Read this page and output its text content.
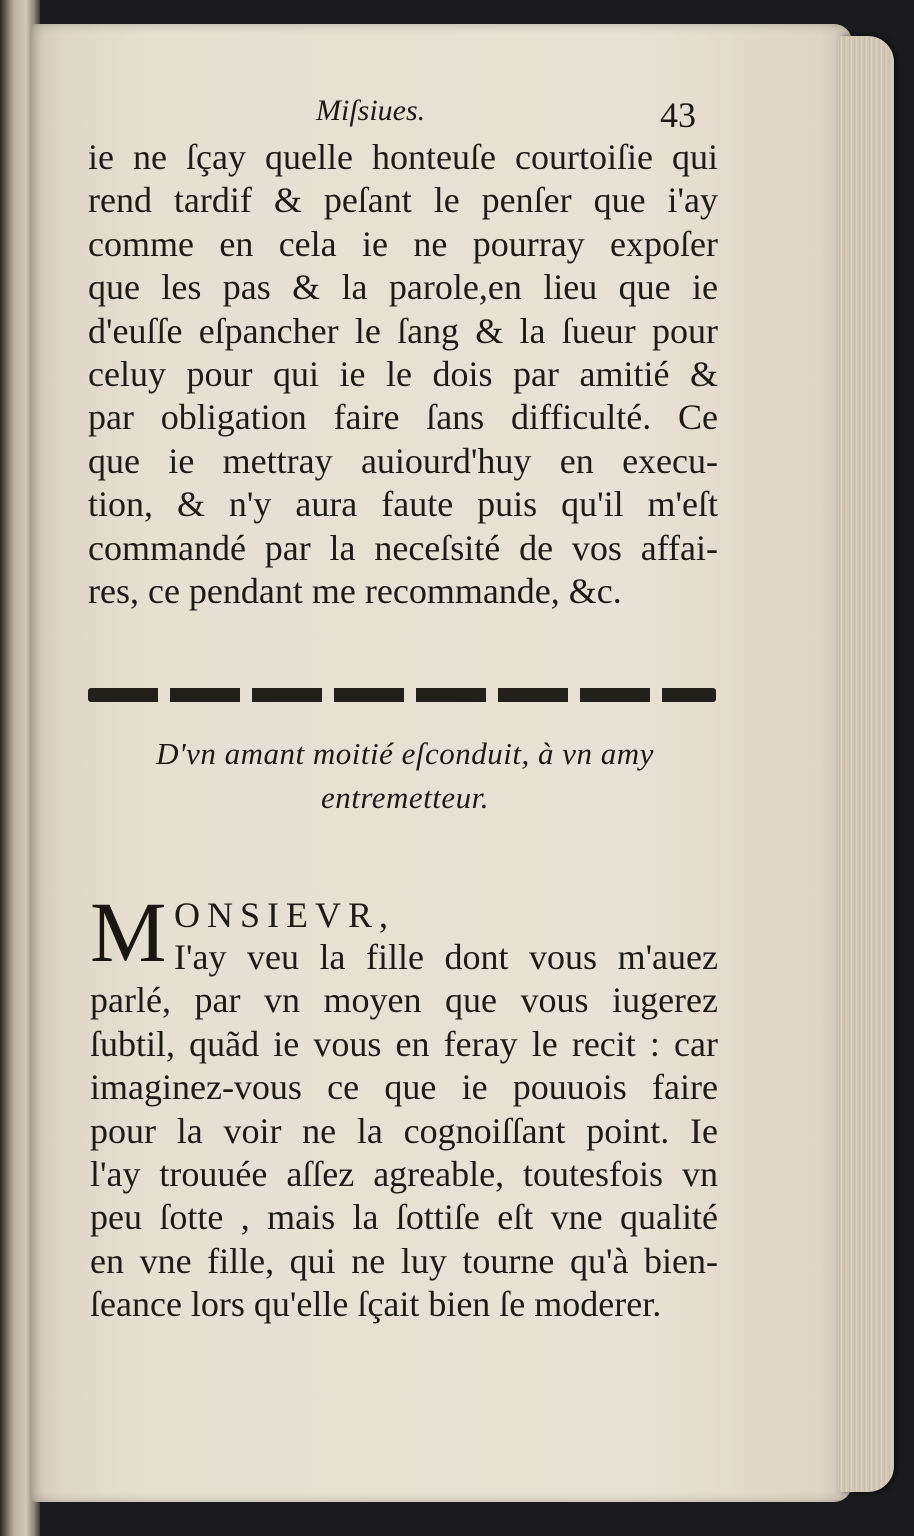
Miſsiues.	43
ie ne ſçay quelle honteuſe courtoiſie qui
rend tardif & peſant le penſer que i'ay
comme en cela ie ne pourray expoſer
que les pas & la parole,en lieu que ie
d'euſſe eſpancher le ſang & la ſueur pour
celuy pour qui ie le dois par amitié &
par obligation faire ſans difficulté. Ce
que ie mettray auiourd'huy en execu-
tion, & n'y aura faute puis qu'il m'eſt
commandé par la neceſsité de vos affai-
res, ce pendant me recommande, &c.
D'vn amant moitié eſconduit, à vn amy
entremetteur.
M ONSIEVR,
I'ay veu la fille dont vous m'auez
parlé, par vn moyen que vous iugerez
ſubtil, quãd ie vous en feray le recit : car
imaginez-vous ce que ie pouuois faire
pour la voir ne la cognoiſſant point. Ie
l'ay trouuée aſſez agreable, toutesfois vn
peu ſotte , mais la ſottiſe eſt vne qualité
en vne fille, qui ne luy tourne qu'à bien-
ſeance lors qu'elle ſçait bien ſe moderer.
